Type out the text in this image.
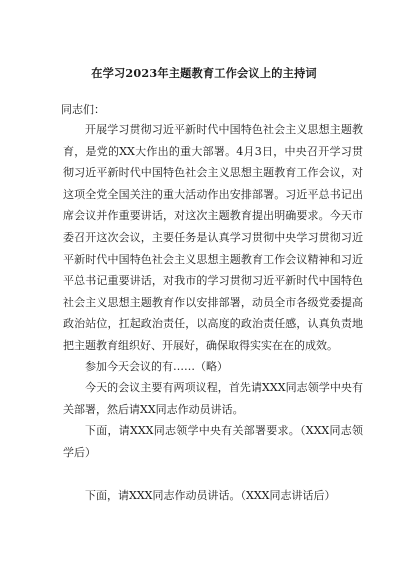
在学习2023年主题教育工作会议上的主持词
同志们：

开展学习贯彻习近平新时代中国特色社会主义思想主题教育，是党的XX大作出的重大部署。4月3日，中央召开学习贯彻习近平新时代中国特色社会主义思想主题教育工作会议，对这项全党全国关注的重大活动作出安排部署。习近平总书记出席会议并作重要讲话，对这次主题教育提出明确要求。今天市委召开这次会议，主要任务是认真学习贯彻中央学习贯彻习近平新时代中国特色社会主义思想主题教育工作会议精神和习近平总书记重要讲话，对我市的学习贯彻习近平新时代中国特色社会主义思想主题教育作以安排部署，动员全市各级党委提高政治站位，扛起政治责任，以高度的政治责任感，认真负责地把主题教育组织好、开展好，确保取得实实在在的成效。

参加今天会议的有……（略）

今天的会议主要有两项议程，首先请XXX同志领学中央有关部署，然后请XX同志作动员讲话。

下面，请XXX同志领学中央有关部署要求。（XXX同志领学后）

下面，请XXX同志作动员讲话。（XXX同志讲话后）
